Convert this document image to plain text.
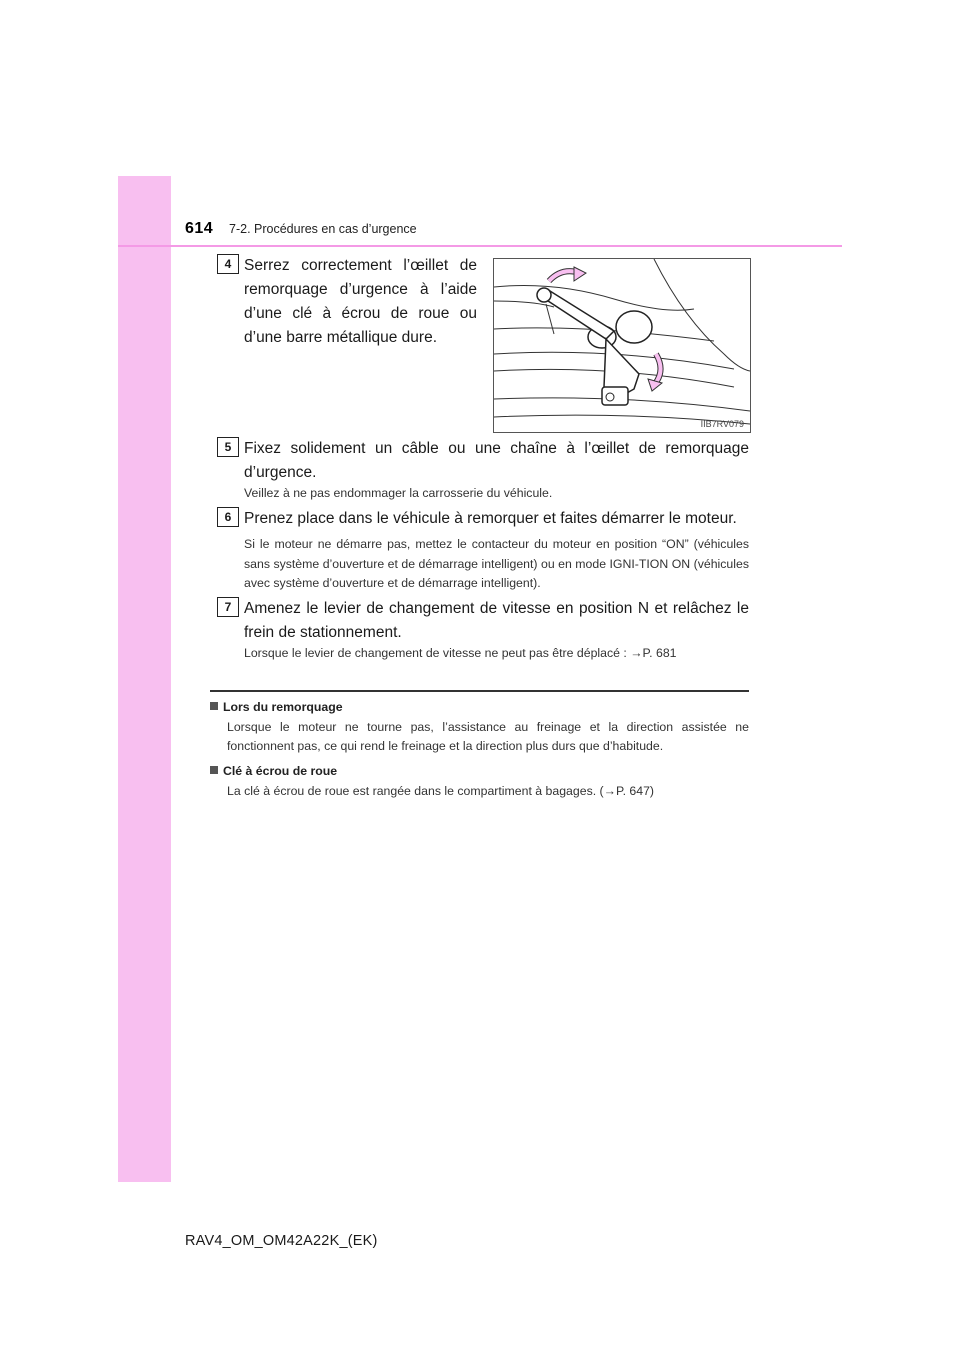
614 7-2. Procédures en cas d’urgence
4 Serrez correctement l’œillet de remorquage d’urgence à l’aide d’une clé à écrou de roue ou d’une barre métallique dure.
IIB7RV079
5 Fixez solidement un câble ou une chaîne à l’œillet de remorquage d’urgence.
Veillez à ne pas endommager la carrosserie du véhicule.
6 Prenez place dans le véhicule à remorquer et faites démarrer le moteur.
Si le moteur ne démarre pas, mettez le contacteur du moteur en position “ON” (véhicules sans système d’ouverture et de démarrage intelligent) ou en mode IGNI-TION ON (véhicules avec système d’ouverture et de démarrage intelligent).
7 Amenez le levier de changement de vitesse en position N et relâchez le frein de stationnement.
Lorsque le levier de changement de vitesse ne peut pas être déplacé : →P. 681
Lors du remorquage
Lorsque le moteur ne tourne pas, l’assistance au freinage et la direction assistée ne fonctionnent pas, ce qui rend le freinage et la direction plus durs que d’habitude.
Clé à écrou de roue
La clé à écrou de roue est rangée dans le compartiment à bagages. (→P. 647)
RAV4_OM_OM42A22K_(EK)
